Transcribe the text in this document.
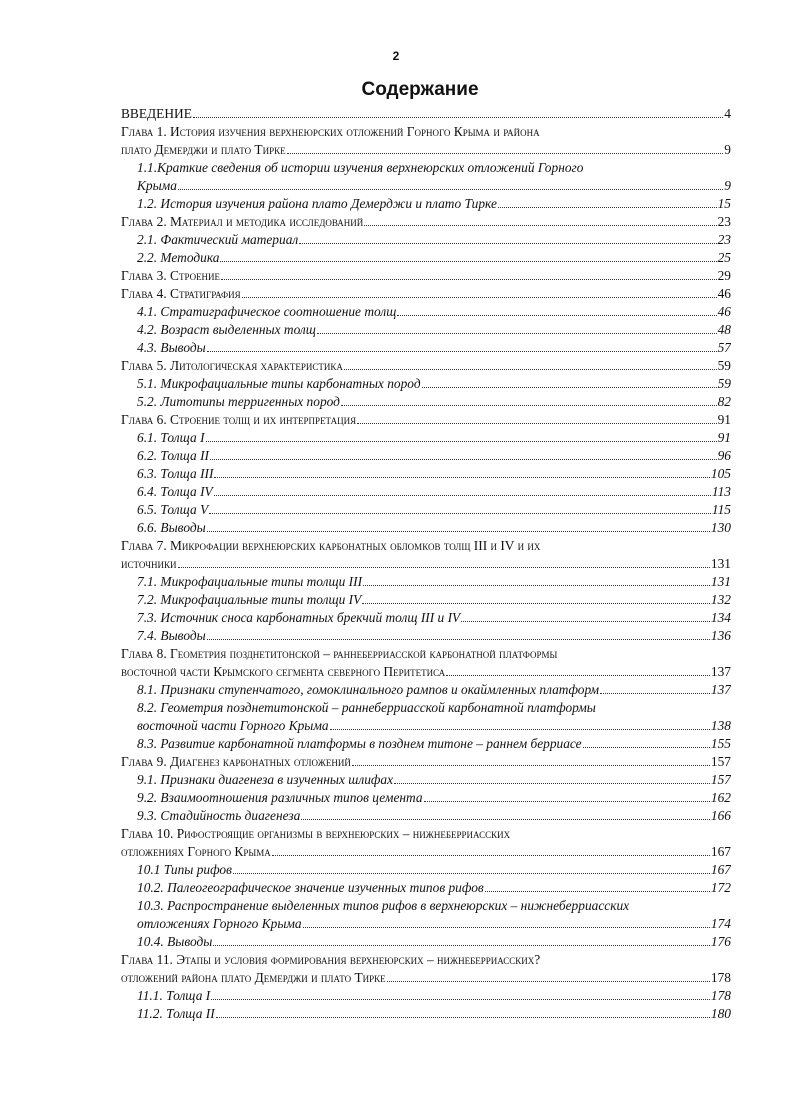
2
Содержание
ВВЕДЕНИЕ	4
Глава 1. История изучения верхнеюрских отложений Горного Крыма и района
плато Демерджи и плато Тирке	9
1.1.Краткие сведения об истории изучения верхнеюрских отложений Горного
Крыма	9
1.2. История изучения района плато Демерджи и плато Тирке	15
Глава 2. Материал и методика исследований	23
2.1. Фактический материал	23
2.2. Методика	25
Глава 3. Строение	29
Глава 4. Стратиграфия	46
4.1. Стратиграфическое соотношение толщ	46
4.2. Возраст выделенных толщ	48
4.3. Выводы	57
Глава 5. Литологическая характеристика	59
5.1. Микрофациальные типы карбонатных пород	59
5.2. Литотипы терригенных пород	82
Глава 6. Строение толщ и их интерпретация	91
6.1. Толща I	91
6.2. Толща II	96
6.3. Толща III	105
6.4. Толща IV	113
6.5. Толща V	115
6.6. Выводы	130
Глава 7. Микрофации верхнеюрских карбонатных обломков толщ III и IV и их
источники	131
7.1. Микрофациальные типы толщи III	131
7.2. Микрофациальные типы толщи IV	132
7.3. Источник сноса карбонатных брекчий толщ III и IV	134
7.4. Выводы	136
Глава 8. Геометрия позднетитонской – раннеберриасской карбонатной платформы
восточной части Крымского сегмента северного Перитетиса	137
8.1. Признаки ступенчатого, гомоклинального рампов и окаймленных платформ	137
8.2. Геометрия позднетитонской – раннеберриасской карбонатной платформы
восточной части Горного Крыма	138
8.3. Развитие карбонатной платформы в позднем титоне – раннем берриасе	155
Глава 9. Диагенез карбонатных отложений	157
9.1. Признаки диагенеза в изученных шлифах	157
9.2. Взаимоотношения различных типов цемента	162
9.3. Стадийность диагенеза	166
Глава 10. Рифостроящие организмы в верхнеюрских – нижнеберриасских
отложениях Горного Крыма	167
10.1 Типы рифов	167
10.2. Палеогеографическое значение изученных типов рифов	172
10.3. Распространение выделенных типов рифов в верхнеюрских – нижнеберриасских
отложениях Горного Крыма	174
10.4. Выводы	176
Глава 11. Этапы и условия формирования верхнеюрских – нижнеберриасских?
отложений района плато Демерджи и плато Тирке	178
11.1. Толща I	178
11.2. Толща II	180
